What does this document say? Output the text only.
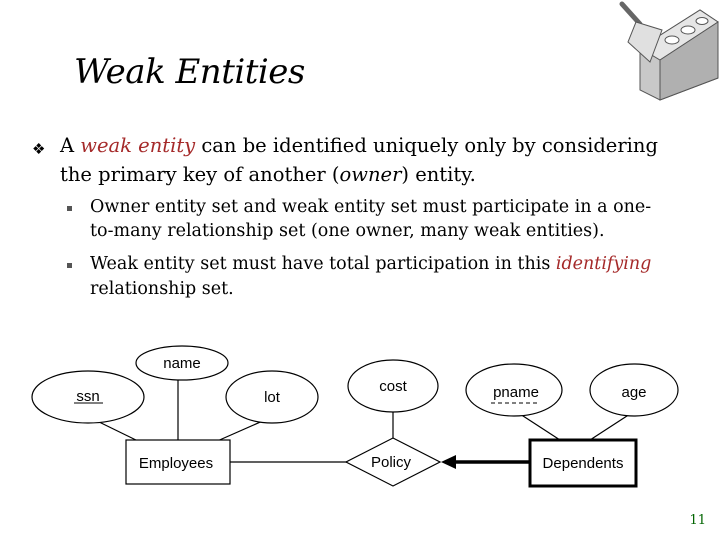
Weak Entities
❖ A weak entity can be identified uniquely only by considering
the primary key of another (owner) entity.
Owner entity set and weak entity set must participate in a one-
to-many relationship set (one owner, many weak entities).
Weak entity set must have total participation in this identifying
relationship set.
name
ssn	lot
cost	pname	age
Employees	Dependents
Policy
11
